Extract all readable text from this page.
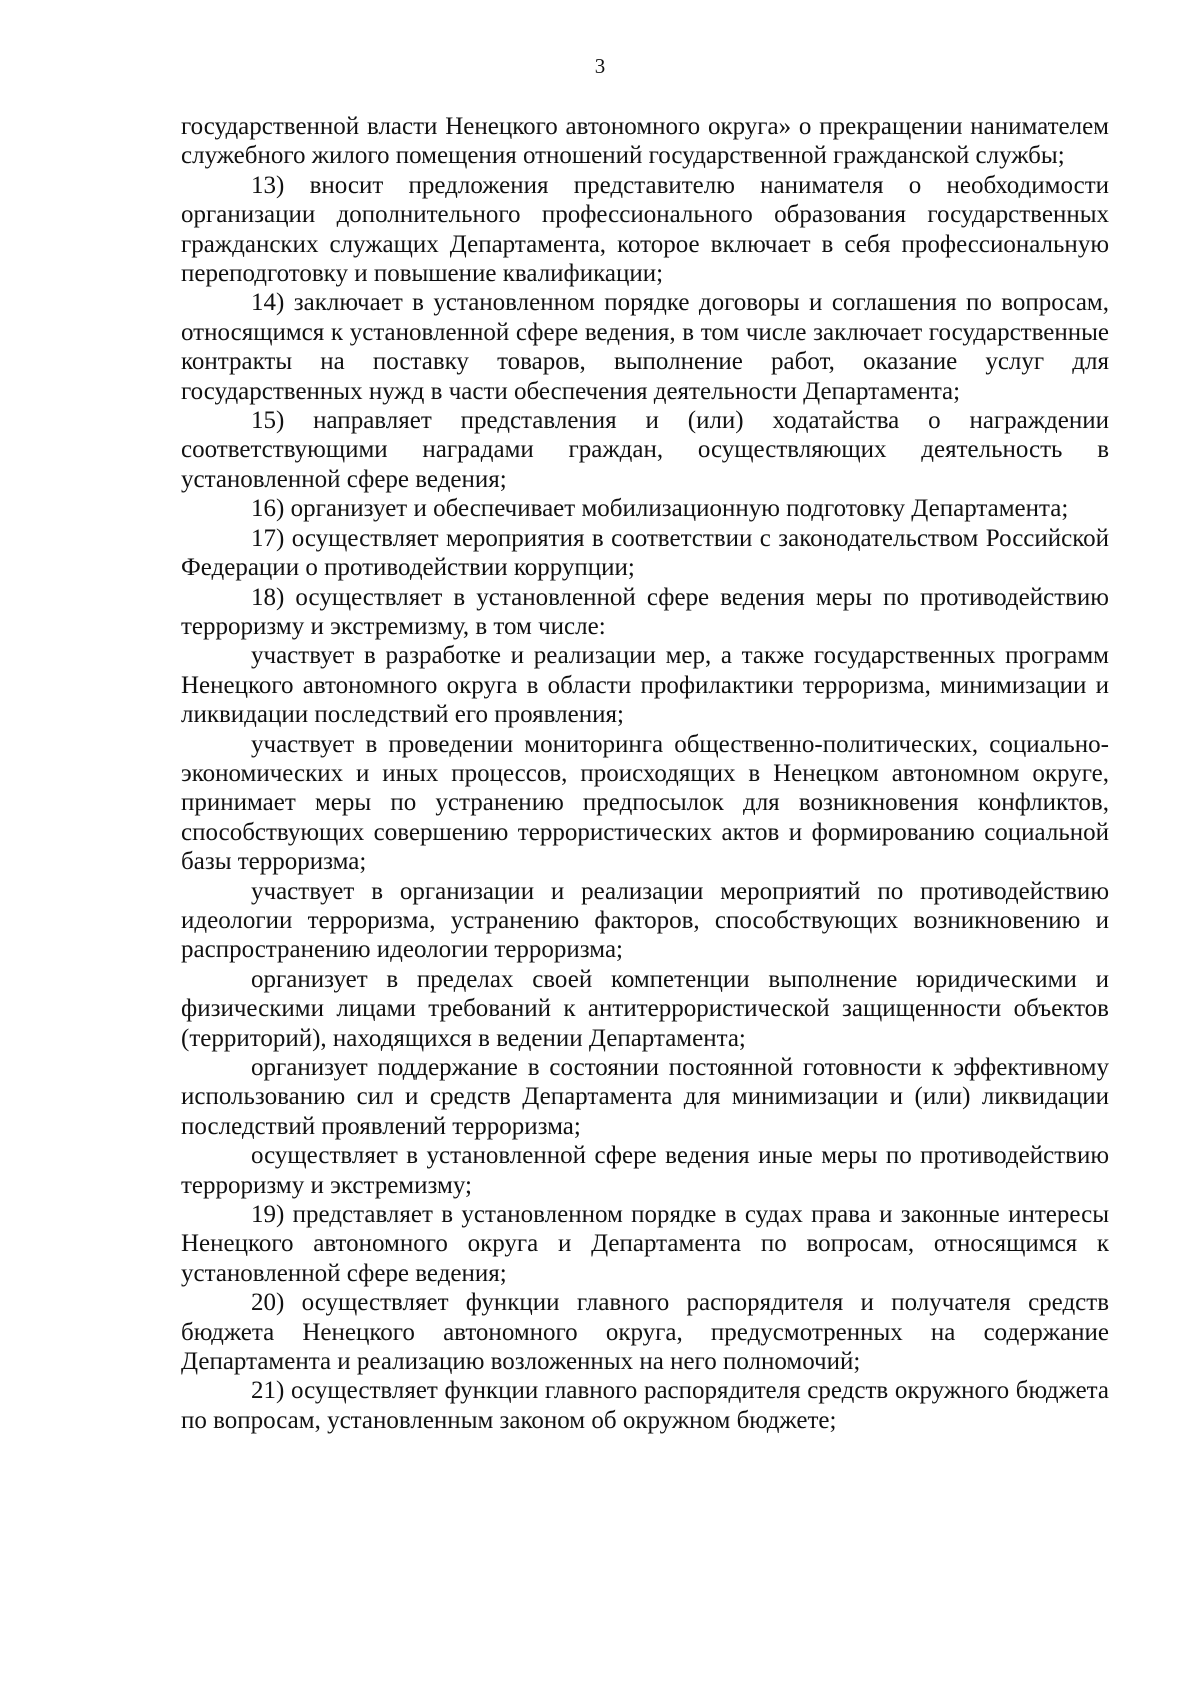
3

государственной власти Ненецкого автономного округа» о прекращении нанимателем служебного жилого помещения отношений государственной гражданской службы;

13) вносит предложения представителю нанимателя о необходимости организации дополнительного профессионального образования государственных гражданских служащих Департамента, которое включает в себя профессиональную переподготовку и повышение квалификации;

14) заключает в установленном порядке договоры и соглашения по вопросам, относящимся к установленной сфере ведения, в том числе заключает государственные контракты на поставку товаров, выполнение работ, оказание услуг для государственных нужд в части обеспечения деятельности Департамента;

15) направляет представления и (или) ходатайства о награждении соответствующими наградами граждан, осуществляющих деятельность в установленной сфере ведения;

16) организует и обеспечивает мобилизационную подготовку Департамента;

17) осуществляет мероприятия в соответствии с законодательством Российской Федерации о противодействии коррупции;

18) осуществляет в установленной сфере ведения меры по противодействию терроризму и экстремизму, в том числе:

участвует в разработке и реализации мер, а также государственных программ Ненецкого автономного округа в области профилактики терроризма, минимизации и ликвидации последствий его проявления;

участвует в проведении мониторинга общественно-политических, социально-экономических и иных процессов, происходящих в Ненецком автономном округе, принимает меры по устранению предпосылок для возникновения конфликтов, способствующих совершению террористических актов и формированию социальной базы терроризма;

участвует в организации и реализации мероприятий по противодействию идеологии терроризма, устранению факторов, способствующих возникновению и распространению идеологии терроризма;

организует в пределах своей компетенции выполнение юридическими и физическими лицами требований к антитеррористической защищенности объектов (территорий), находящихся в ведении Департамента;

организует поддержание в состоянии постоянной готовности к эффективному использованию сил и средств Департамента для минимизации и (или) ликвидации последствий проявлений терроризма;

осуществляет в установленной сфере ведения иные меры по противодействию терроризму и экстремизму;

19) представляет в установленном порядке в судах права и законные интересы Ненецкого автономного округа и Департамента по вопросам, относящимся к установленной сфере ведения;

20) осуществляет функции главного распорядителя и получателя средств бюджета Ненецкого автономного округа, предусмотренных на содержание Департамента и реализацию возложенных на него полномочий;

21) осуществляет функции главного распорядителя средств окружного бюджета по вопросам, установленным законом об окружном бюджете;
